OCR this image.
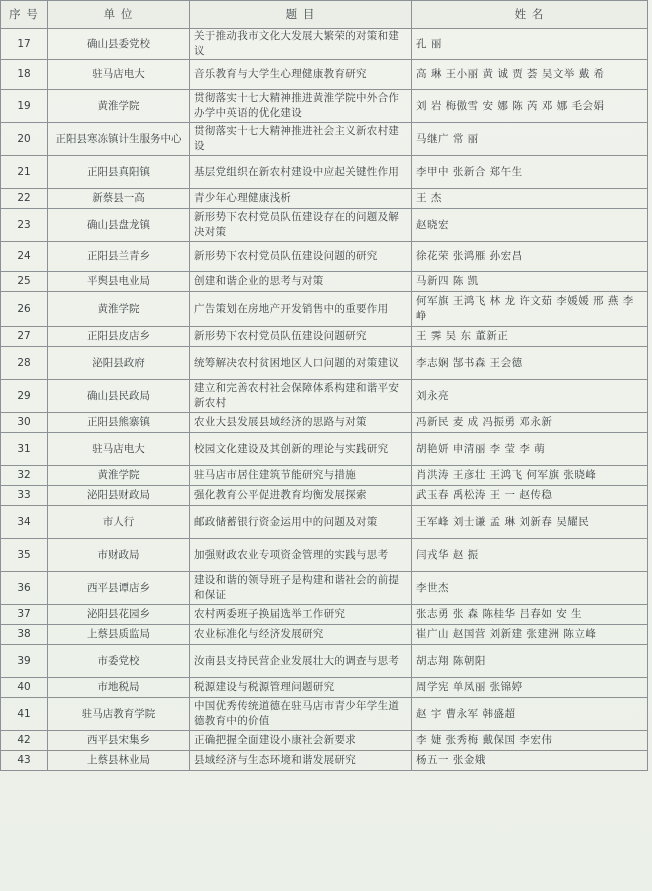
序 号	单 位	题 目	姓 名
17	确山县委党校	关于推动我市文化大发展大繁荣的对策和建议	孔 丽
18	驻马店电大	音乐教育与大学生心理健康教育研究	高 琳 王小丽 黄 诚 贾 荟 吴文举 戴 希
19	黄淮学院	贯彻落实十七大精神推进黄淮学院中外合作办学中英语的优化建设	刘 岩 梅傲雪 安 娜 陈 芮 邓 娜 毛会娟
20	正阳县寒冻镇计生服务中心	贯彻落实十七大精神推进社会主义新农村建设	马继广 常 丽
21	正阳县真阳镇	基层党组织在新农村建设中应起关键性作用	李甲中 张新合 郑午生
22	新蔡县一高	青少年心理健康浅析	王 杰
23	确山县盘龙镇	新形势下农村党员队伍建设存在的问题及解决对策	赵晓宏
24	正阳县兰青乡	新形势下农村党员队伍建设问题的研究	徐花荣 张鸿雁 孙宏昌
25	平舆县电业局	创建和谐企业的思考与对策	马新四 陈 凯
26	黄淮学院	广告策划在房地产开发销售中的重要作用	何军旗 王鸿飞 林 龙 许文茹 李媛媛 邢 燕 李 峥
27	正阳县皮店乡	新形势下农村党员队伍建设问题研究	王 霁 吴 东 董新正
28	泌阳县政府	统筹解决农村贫困地区人口问题的对策建议	李志娴 郜书森 王会德
29	确山县民政局	建立和完善农村社会保障体系构建和谐平安新农村	刘永亮
30	正阳县熊寨镇	农业大县发展县域经济的思路与对策	冯新民 麦 成 冯振勇 邓永新
31	驻马店电大	校园文化建设及其创新的理论与实践研究	胡艳妍 申清丽 李 莹 李 萌
32	黄淮学院	驻马店市居住建筑节能研究与措施	肖洪涛 王彦壮 王鸿飞 何军旗 张晓峰
33	泌阳县财政局	强化教育公平促进教育均衡发展探索	武玉春 禹松涛 王 一 赵传稳
34	市人行	邮政储蓄银行资金运用中的问题及对策	王军峰 刘士谦 孟 琳 刘新春 吴耀民
35	市财政局	加强财政农业专项资金管理的实践与思考	闫戎华 赵 振
36	西平县谭店乡	建设和谐的领导班子是构建和谐社会的前提和保证	李世杰
37	泌阳县花园乡	农村两委班子换届选举工作研究	张志勇 张 森 陈桂华 吕春如 安 生
38	上蔡县质监局	农业标准化与经济发展研究	崔广山 赵国营 刘新建 张建洲 陈立峰
39	市委党校	汝南县支持民营企业发展壮大的调查与思考	胡志翔 陈朝阳
40	市地税局	税源建设与税源管理问题研究	周学宪 单凤丽 张锦婷
41	驻马店教育学院	中国优秀传统道德在驻马店市青少年学生道德教育中的价值	赵 宇 曹永军 韩盛超
42	西平县宋集乡	正确把握全面建设小康社会新要求	李 婕 张秀梅 戴保国 李宏伟
43	上蔡县林业局	县域经济与生态环境和谐发展研究	杨五一 张金娥
